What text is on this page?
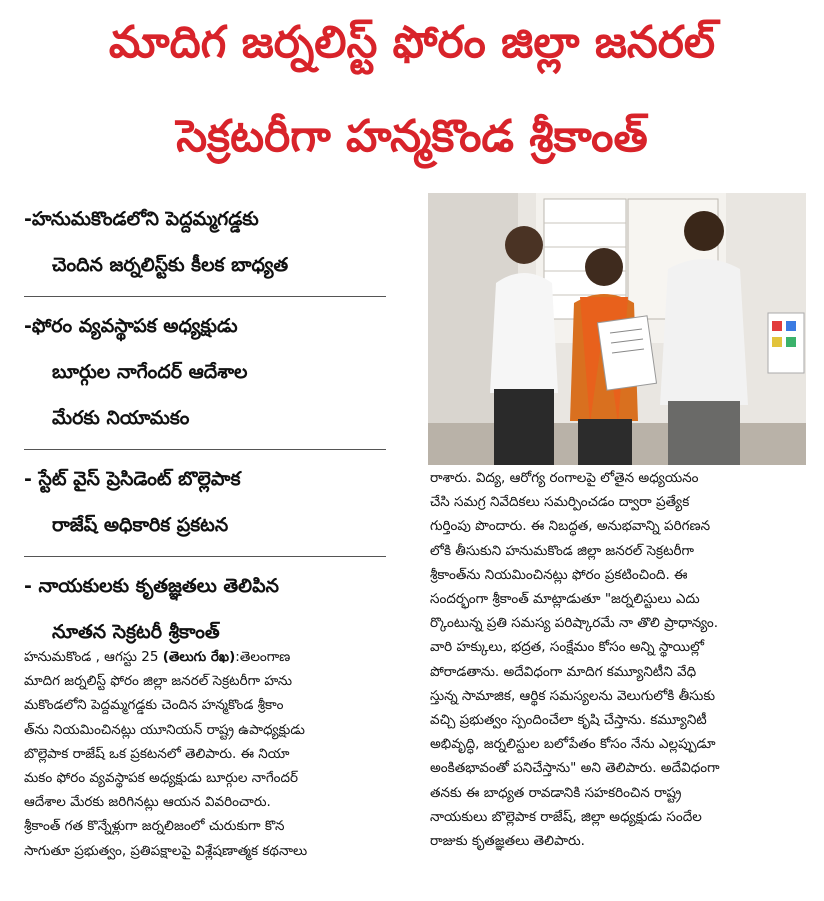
మాదిగ జర్నలిస్ట్ ఫోరం జిల్లా జనరల్
సెక్రటరీగా హన్మకొండ శ్రీకాంత్
-హనుమకొండలోని పెద్దమ్మగడ్డకు
చెందిన జర్నలిస్ట్‌కు కీలక బాధ్యత
-ఫోరం వ్యవస్థాపక అధ్యక్షుడు
బూర్గుల నాగేందర్ ఆదేశాల
మేరకు నియామకం
- స్టేట్ వైస్ ప్రెసిడెంట్ బొల్లెపాక
రాజేష్ అధికారిక ప్రకటన
- నాయకులకు కృతజ్ఞతలు తెలిపిన
నూతన సెక్రటరీ శ్రీకాంత్
హనుమకొండ , ఆగస్టు 25 (తెలుగు రేఖ):తెలంగాణ
మాదిగ జర్నలిస్ట్ ఫోరం జిల్లా జనరల్ సెక్రటరీగా హను
మకొండలోని పెద్దమ్మగడ్డకు చెందిన హన్మకొండ శ్రీకాం
త్‌ను నియమించినట్లు యూనియన్ రాష్ట్ర ఉపాధ్యక్షుడు
బొల్లెపాక రాజేష్ ఒక ప్రకటనలో తెలిపారు. ఈ నియా
మకం ఫోరం వ్యవస్థాపక అధ్యక్షుడు బూర్గుల నాగేందర్
ఆదేశాల మేరకు జరిగినట్లు ఆయన వివరించారు.
శ్రీకాంత్ గత కొన్నేళ్లుగా జర్నలిజంలో చురుకుగా కొన
సాగుతూ ప్రభుత్వం, ప్రతిపక్షాలపై విశ్లేషణాత్మక కథనాలు
రాశారు. విద్య, ఆరోగ్య రంగాలపై లోతైన అధ్యయనం
చేసి సమగ్ర నివేదికలు సమర్పించడం ద్వారా ప్రత్యేక
గుర్తింపు పొందారు. ఈ నిబద్ధత, అనుభవాన్ని పరిగణన
లోకి తీసుకుని హనుమకొండ జిల్లా జనరల్ సెక్రటరీగా
శ్రీకాంత్‌ను నియమించినట్లు ఫోరం ప్రకటించింది. ఈ
సందర్భంగా శ్రీకాంత్ మాట్లాడుతూ "జర్నలిస్టులు ఎదు
ర్కొంటున్న ప్రతి సమస్య పరిష్కారమే నా తొలి ప్రాధాన్యం.
వారి హక్కులు, భద్రత, సంక్షేమం కోసం అన్ని స్థాయిల్లో
పోరాడతాను. అదేవిధంగా మాదిగ కమ్యూనిటీని వేధి
స్తున్న సామాజిక, ఆర్థిక సమస్యలను వెలుగులోకి తీసుకు
వచ్చి ప్రభుత్వం స్పందించేలా కృషి చేస్తాను. కమ్యూనిటీ
అభివృద్ధి, జర్నలిస్టుల బలోపేతం కోసం నేను ఎల్లప్పుడూ
అంకితభావంతో పనిచేస్తాను" అని తెలిపారు. అదేవిధంగా
తనకు ఈ బాధ్యత రావడానికి సహకరించిన రాష్ట్ర
నాయకులు బొల్లెపాక రాజేష్, జిల్లా అధ్యక్షుడు సందేల
రాజుకు కృతజ్ఞతలు తెలిపారు.
